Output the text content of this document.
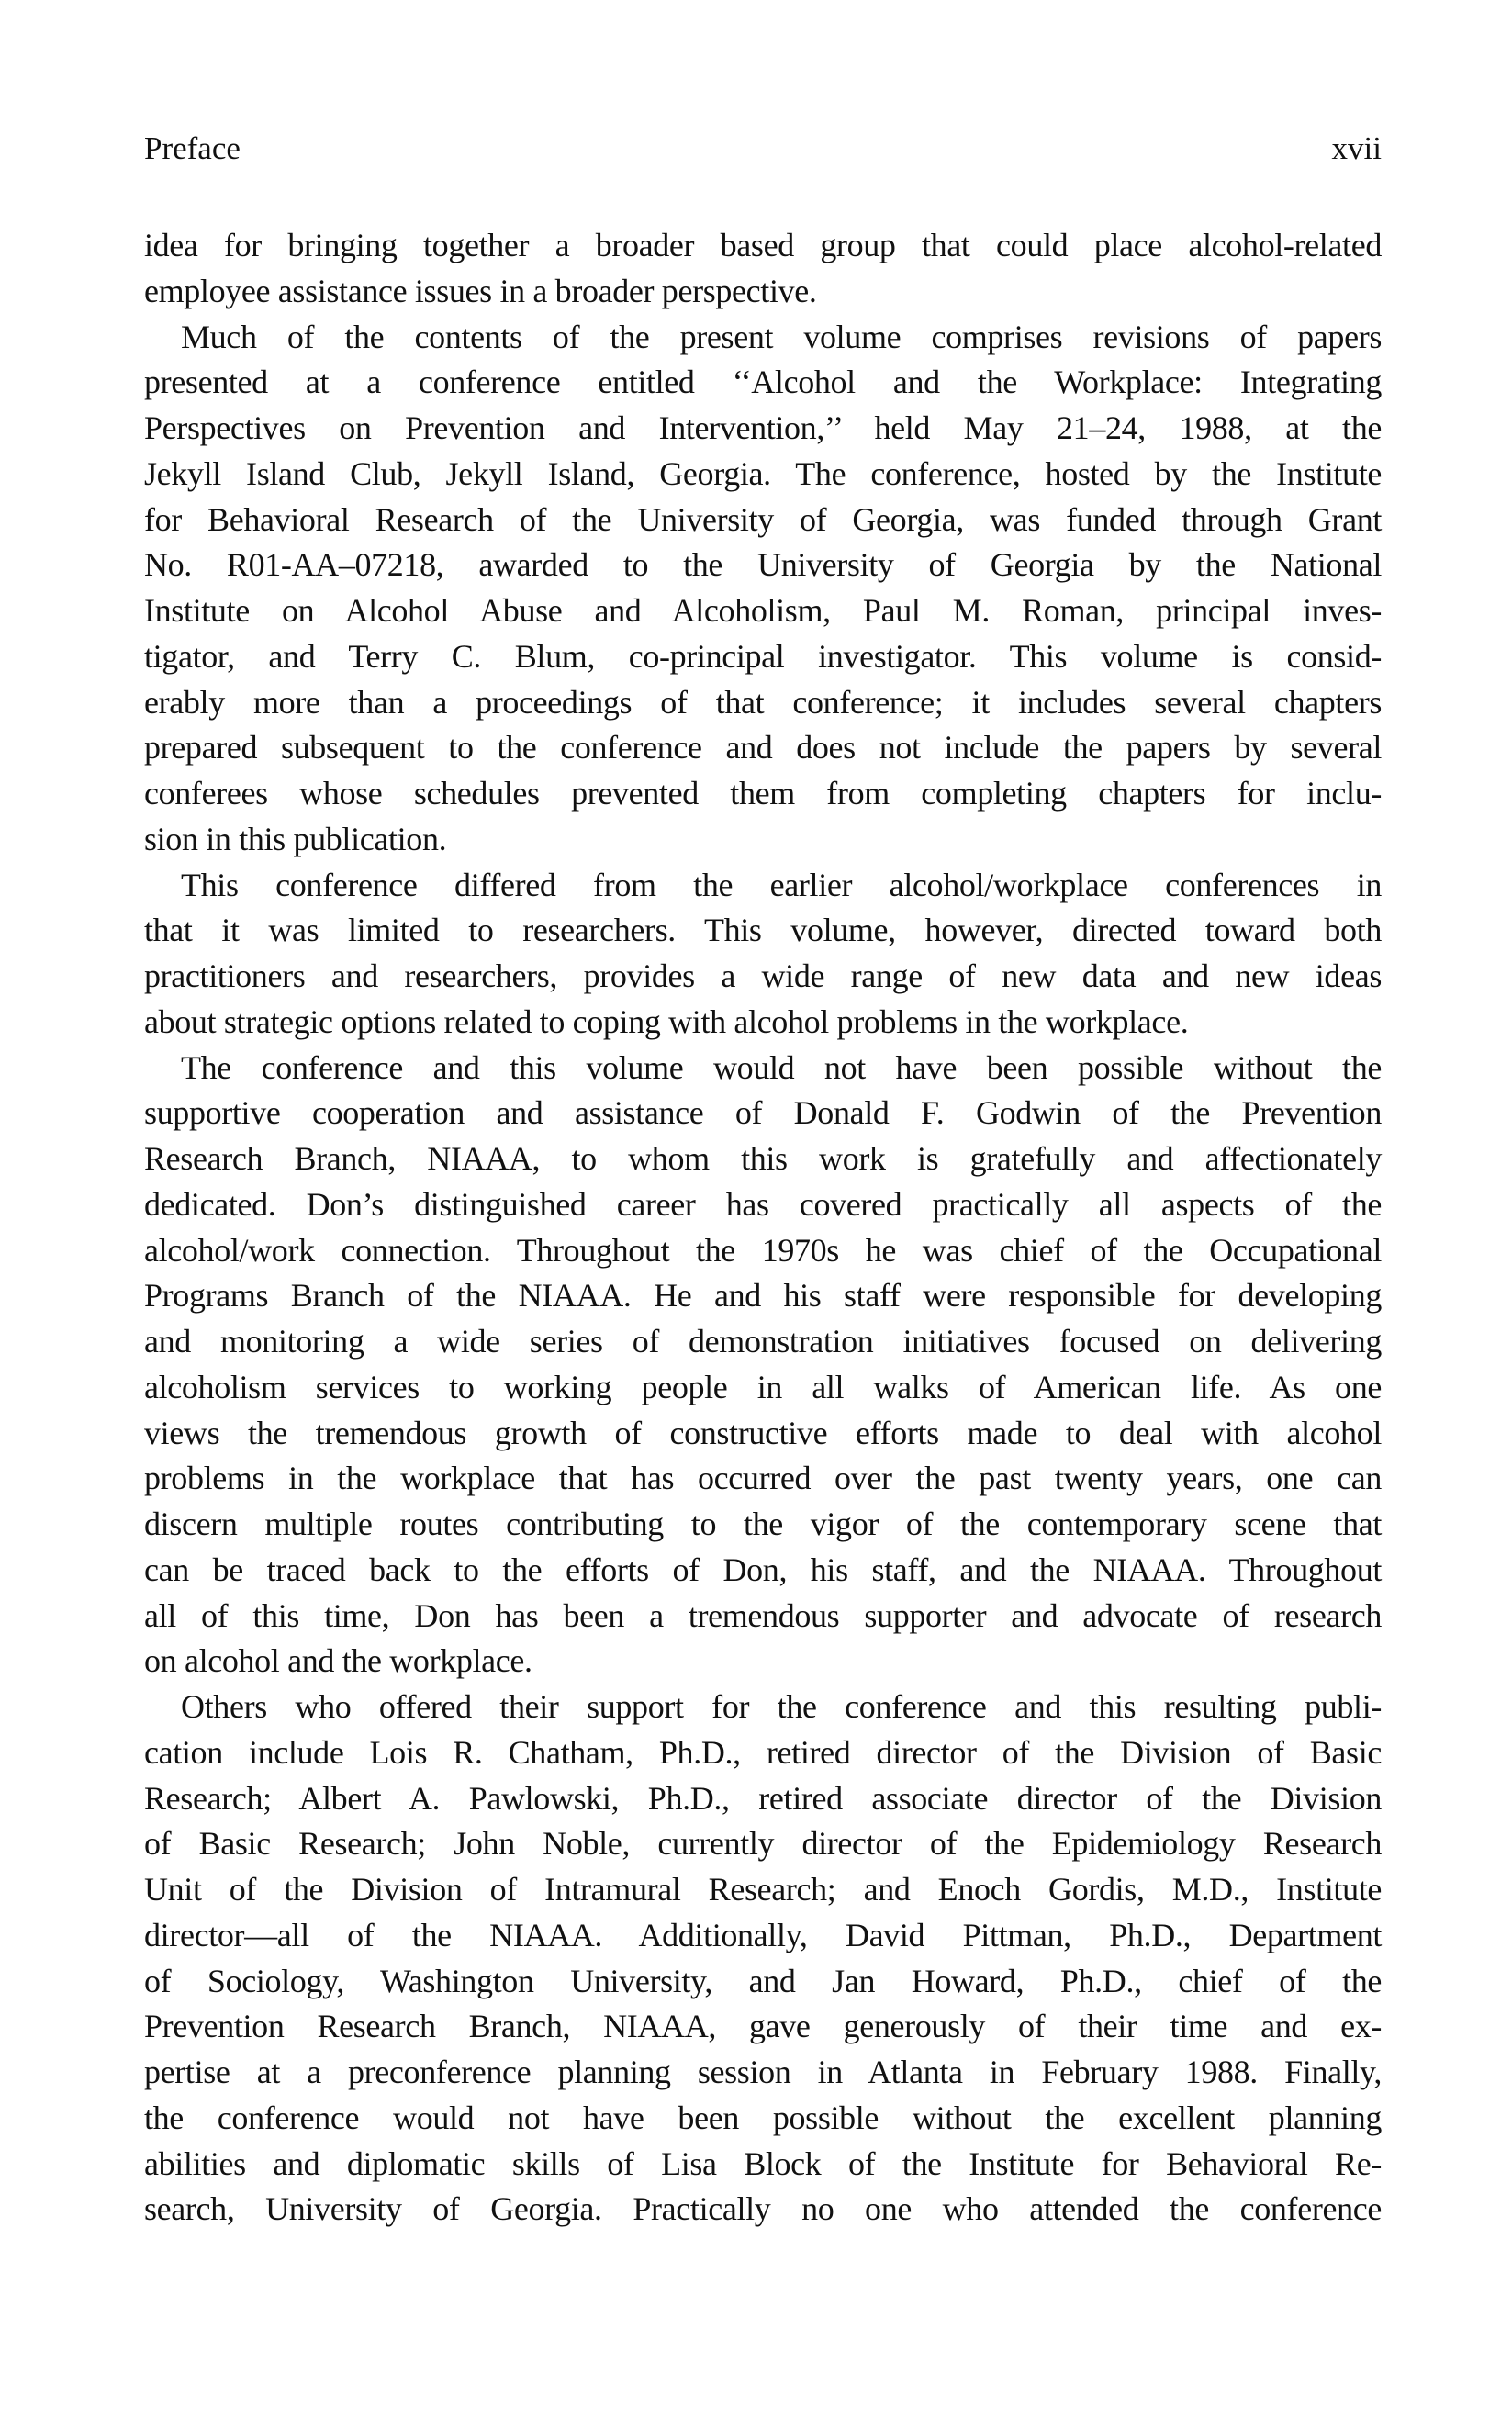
Preface	xvii
idea for bringing together a broader based group that could place alcohol-related
employee assistance issues in a broader perspective.
Much of the contents of the present volume comprises revisions of papers
presented at a conference entitled ‘‘Alcohol and the Workplace: Integrating
Perspectives on Prevention and Intervention,’’ held May 21–24, 1988, at the
Jekyll Island Club, Jekyll Island, Georgia. The conference, hosted by the Institute
for Behavioral Research of the University of Georgia, was funded through Grant
No. R01-AA–07218, awarded to the University of Georgia by the National
Institute on Alcohol Abuse and Alcoholism, Paul M. Roman, principal inves-
tigator, and Terry C. Blum, co-principal investigator. This volume is consid-
erably more than a proceedings of that conference; it includes several chapters
prepared subsequent to the conference and does not include the papers by several
conferees whose schedules prevented them from completing chapters for inclu-
sion in this publication.
This conference differed from the earlier alcohol/workplace conferences in
that it was limited to researchers. This volume, however, directed toward both
practitioners and researchers, provides a wide range of new data and new ideas
about strategic options related to coping with alcohol problems in the workplace.
The conference and this volume would not have been possible without the
supportive cooperation and assistance of Donald F. Godwin of the Prevention
Research Branch, NIAAA, to whom this work is gratefully and affectionately
dedicated. Don’s distinguished career has covered practically all aspects of the
alcohol/work connection. Throughout the 1970s he was chief of the Occupational
Programs Branch of the NIAAA. He and his staff were responsible for developing
and monitoring a wide series of demonstration initiatives focused on delivering
alcoholism services to working people in all walks of American life. As one
views the tremendous growth of constructive efforts made to deal with alcohol
problems in the workplace that has occurred over the past twenty years, one can
discern multiple routes contributing to the vigor of the contemporary scene that
can be traced back to the efforts of Don, his staff, and the NIAAA. Throughout
all of this time, Don has been a tremendous supporter and advocate of research
on alcohol and the workplace.
Others who offered their support for the conference and this resulting publi-
cation include Lois R. Chatham, Ph.D., retired director of the Division of Basic
Research; Albert A. Pawlowski, Ph.D., retired associate director of the Division
of Basic Research; John Noble, currently director of the Epidemiology Research
Unit of the Division of Intramural Research; and Enoch Gordis, M.D., Institute
director—all of the NIAAA. Additionally, David Pittman, Ph.D., Department
of Sociology, Washington University, and Jan Howard, Ph.D., chief of the
Prevention Research Branch, NIAAA, gave generously of their time and ex-
pertise at a preconference planning session in Atlanta in February 1988. Finally,
the conference would not have been possible without the excellent planning
abilities and diplomatic skills of Lisa Block of the Institute for Behavioral Re-
search, University of Georgia. Practically no one who attended the conference
